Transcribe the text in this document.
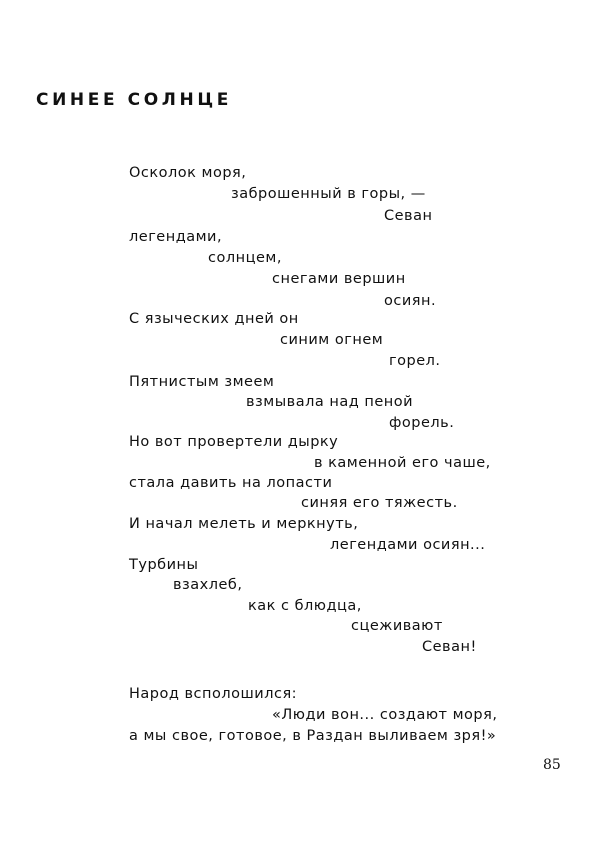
СИНЕЕ СОЛНЦЕ
Осколок моря,
заброшенный в горы, —
Севан
легендами,
солнцем,
снегами вершин
осиян.
С языческих дней он
синим огнем
горел.
Пятнистым змеем
взмывала над пеной
форель.
Но вот провертели дырку
в каменной его чаше,
стала давить на лопасти
синяя его тяжесть.
И начал мелеть и меркнуть,
легендами осиян...
Турбины
взахлеб,
как с блюдца,
сцеживают
Севан!
Народ всполошился:
«Люди вон... создают моря,
а мы свое, готовое, в Раздан выливаем зря!»
85
